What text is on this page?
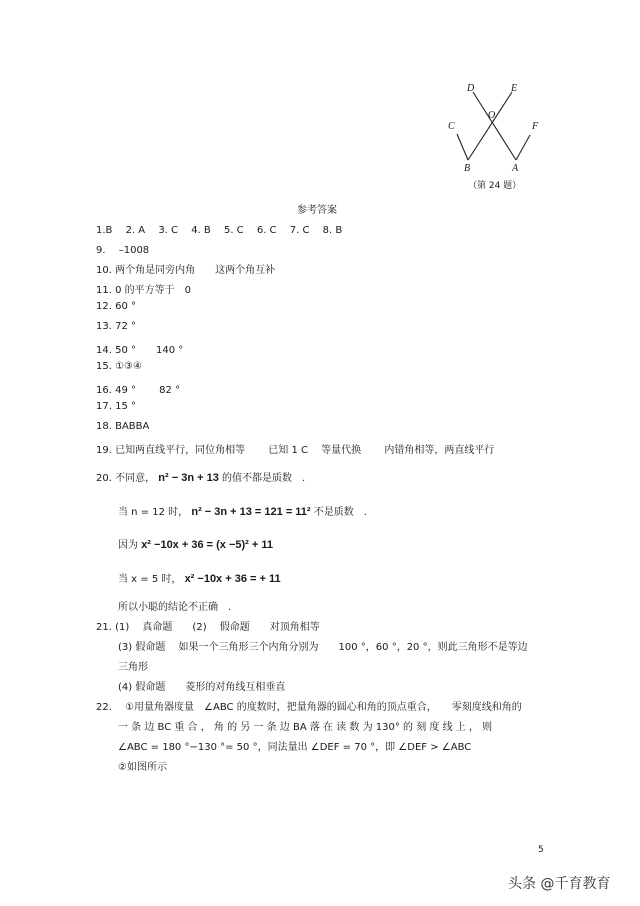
D	E
O
C	F
B	A
（第 24 题）
参考答案
1.B　 2. A　 3. C　 4. B　 5. C　 6. C　 7. C　 8. B
9.　 –1008
10. 两个角是同旁内角　　这两个角互补
11. 0 的平方等于　0
12. 60 °
13. 72 °
14. 50 °　　140 °
15. ①③④
16. 49 °　　 82 °
17. 15 °
18. BABBA
19. 已知两直线平行，同位角相等　　 已知 1 C　 等量代换　　 内错角相等，两直线平行
20. 不同意， n² − 3n + 13 的值不都是质数　.
当 n = 12 时， n² − 3n + 13 = 121 = 11² 不是质数　.
因为 x² −10x + 36 = (x −5)² + 11
当 x = 5 时， x² −10x + 36 = + 11
所以小聪的结论不正确　.
21. (1)　 真命题　　(2)　 假命题　　对顶角相等
(3) 假命题　 如果一个三角形三个内角分别为　　100 °，60 °，20 °，则此三角形不是等边
三角形
(4) 假命题　　菱形的对角线互相垂直
22.　 ①用量角器度量　∠ABC 的度数时，把量角器的圆心和角的顶点重合，　　零刻度线和角的
一 条 边 BC 重 合 ， 角 的 另 一 条 边 BA 落 在 读 数 为 130° 的 刻 度 线 上 ， 则
∠ABC = 180 °−130 °= 50 °，同法量出 ∠DEF = 70 °，即 ∠DEF > ∠ABC
②如图所示
5
头条 @千育教育
